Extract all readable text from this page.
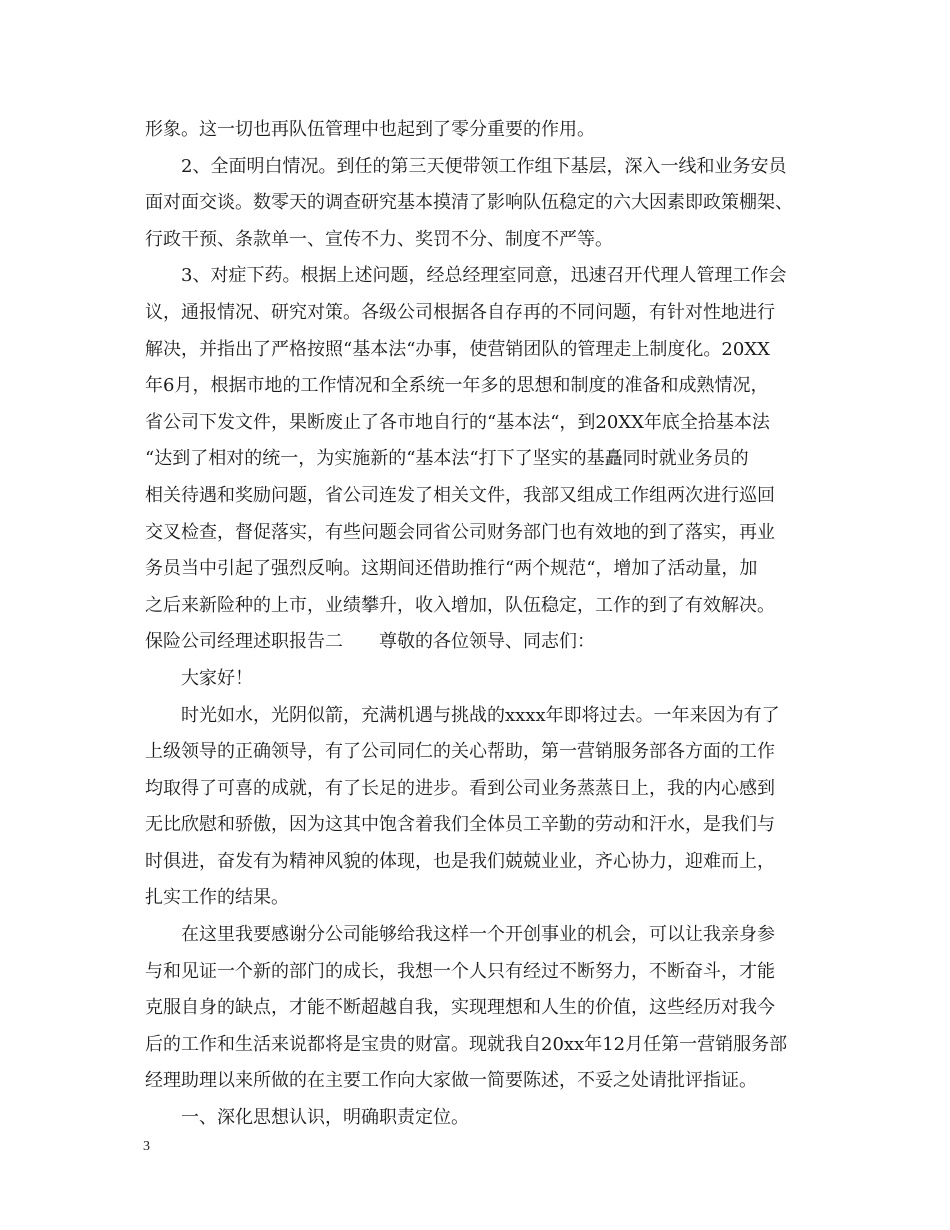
形象。这一切也再队伍管理中也起到了零分重要的作用。
2、全面明白情况。到任的第三天便带领工作组下基层，深入一线和业务安员
面对面交谈。数零天的调查研究基本摸清了影响队伍稳定的六大因素即政策棚架、
行政干预、条款单一、宣传不力、奖罚不分、制度不严等。
3、对症下药。根据上述问题，经总经理室同意，迅速召开代理人管理工作会
议，通报情况、研究对策。各级公司根据各自存再的不同问题，有针对性地进行
解决，并指出了严格按照“基本法“办事，使营销团队的管理走上制度化。20XX
年6月，根据市地的工作情况和全系统一年多的思想和制度的准备和成熟情况，
省公司下发文件，果断废止了各市地自行的“基本法“，到20XX年底全拾基本法
“达到了相对的统一，为实施新的“基本法“打下了坚实的基矗同时就业务员的
相关待遇和奖励问题，省公司连发了相关文件，我部又组成工作组两次进行巡回
交叉检查，督促落实，有些问题会同省公司财务部门也有效地的到了落实，再业
务员当中引起了强烈反响。这期间还借助推行“两个规范“，增加了活动量，加
之后来新险种的上市，业绩攀升，收入增加，队伍稳定，工作的到了有效解决。
保险公司经理述职报告二　　尊敬的各位领导、同志们：
大家好！
时光如水，光阴似箭，充满机遇与挑战的xxxx年即将过去。一年来因为有了
上级领导的正确领导，有了公司同仁的关心帮助，第一营销服务部各方面的工作
均取得了可喜的成就，有了长足的进步。看到公司业务蒸蒸日上，我的内心感到
无比欣慰和骄傲，因为这其中饱含着我们全体员工辛勤的劳动和汗水，是我们与
时俱进，奋发有为精神风貌的体现，也是我们兢兢业业，齐心协力，迎难而上，
扎实工作的结果。
在这里我要感谢分公司能够给我这样一个开创事业的机会，可以让我亲身参
与和见证一个新的部门的成长，我想一个人只有经过不断努力，不断奋斗，才能
克服自身的缺点，才能不断超越自我，实现理想和人生的价值，这些经历对我今
后的工作和生活来说都将是宝贵的财富。现就我自20xx年12月任第一营销服务部
经理助理以来所做的在主要工作向大家做一简要陈述，不妥之处请批评指证。
一、深化思想认识，明确职责定位。
3
